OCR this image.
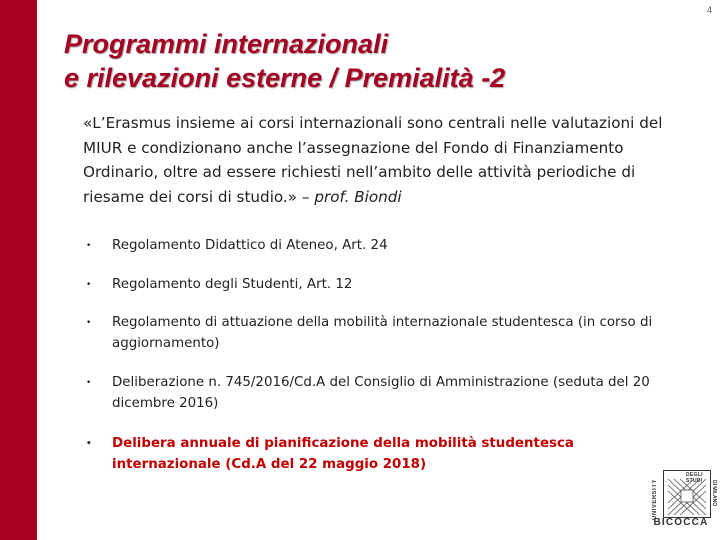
4
Programmi internazionali
e rilevazioni esterne / Premialità -2
«L’Erasmus insieme ai corsi internazionali sono centrali nelle valutazioni del MIUR e condizionano anche l’assegnazione del Fondo di Finanziamento Ordinario, oltre ad essere richiesti nell’ambito delle attività periodiche di riesame dei corsi di studio.» – prof. Biondi
• Regolamento Didattico di Ateneo, Art. 24
• Regolamento degli Studenti, Art. 12
• Regolamento di attuazione della mobilità internazionale studentesca (in corso di aggiornamento)
• Deliberazione n. 745/2016/Cd.A del Consiglio di Amministrazione (seduta del 20 dicembre 2016)
• Delibera annuale di pianificazione della mobilità studentesca internazionale (Cd.A del 22 maggio 2018)
UNIVERSITY
DEGLI STUDI	DI MILANO
BICOCCA
